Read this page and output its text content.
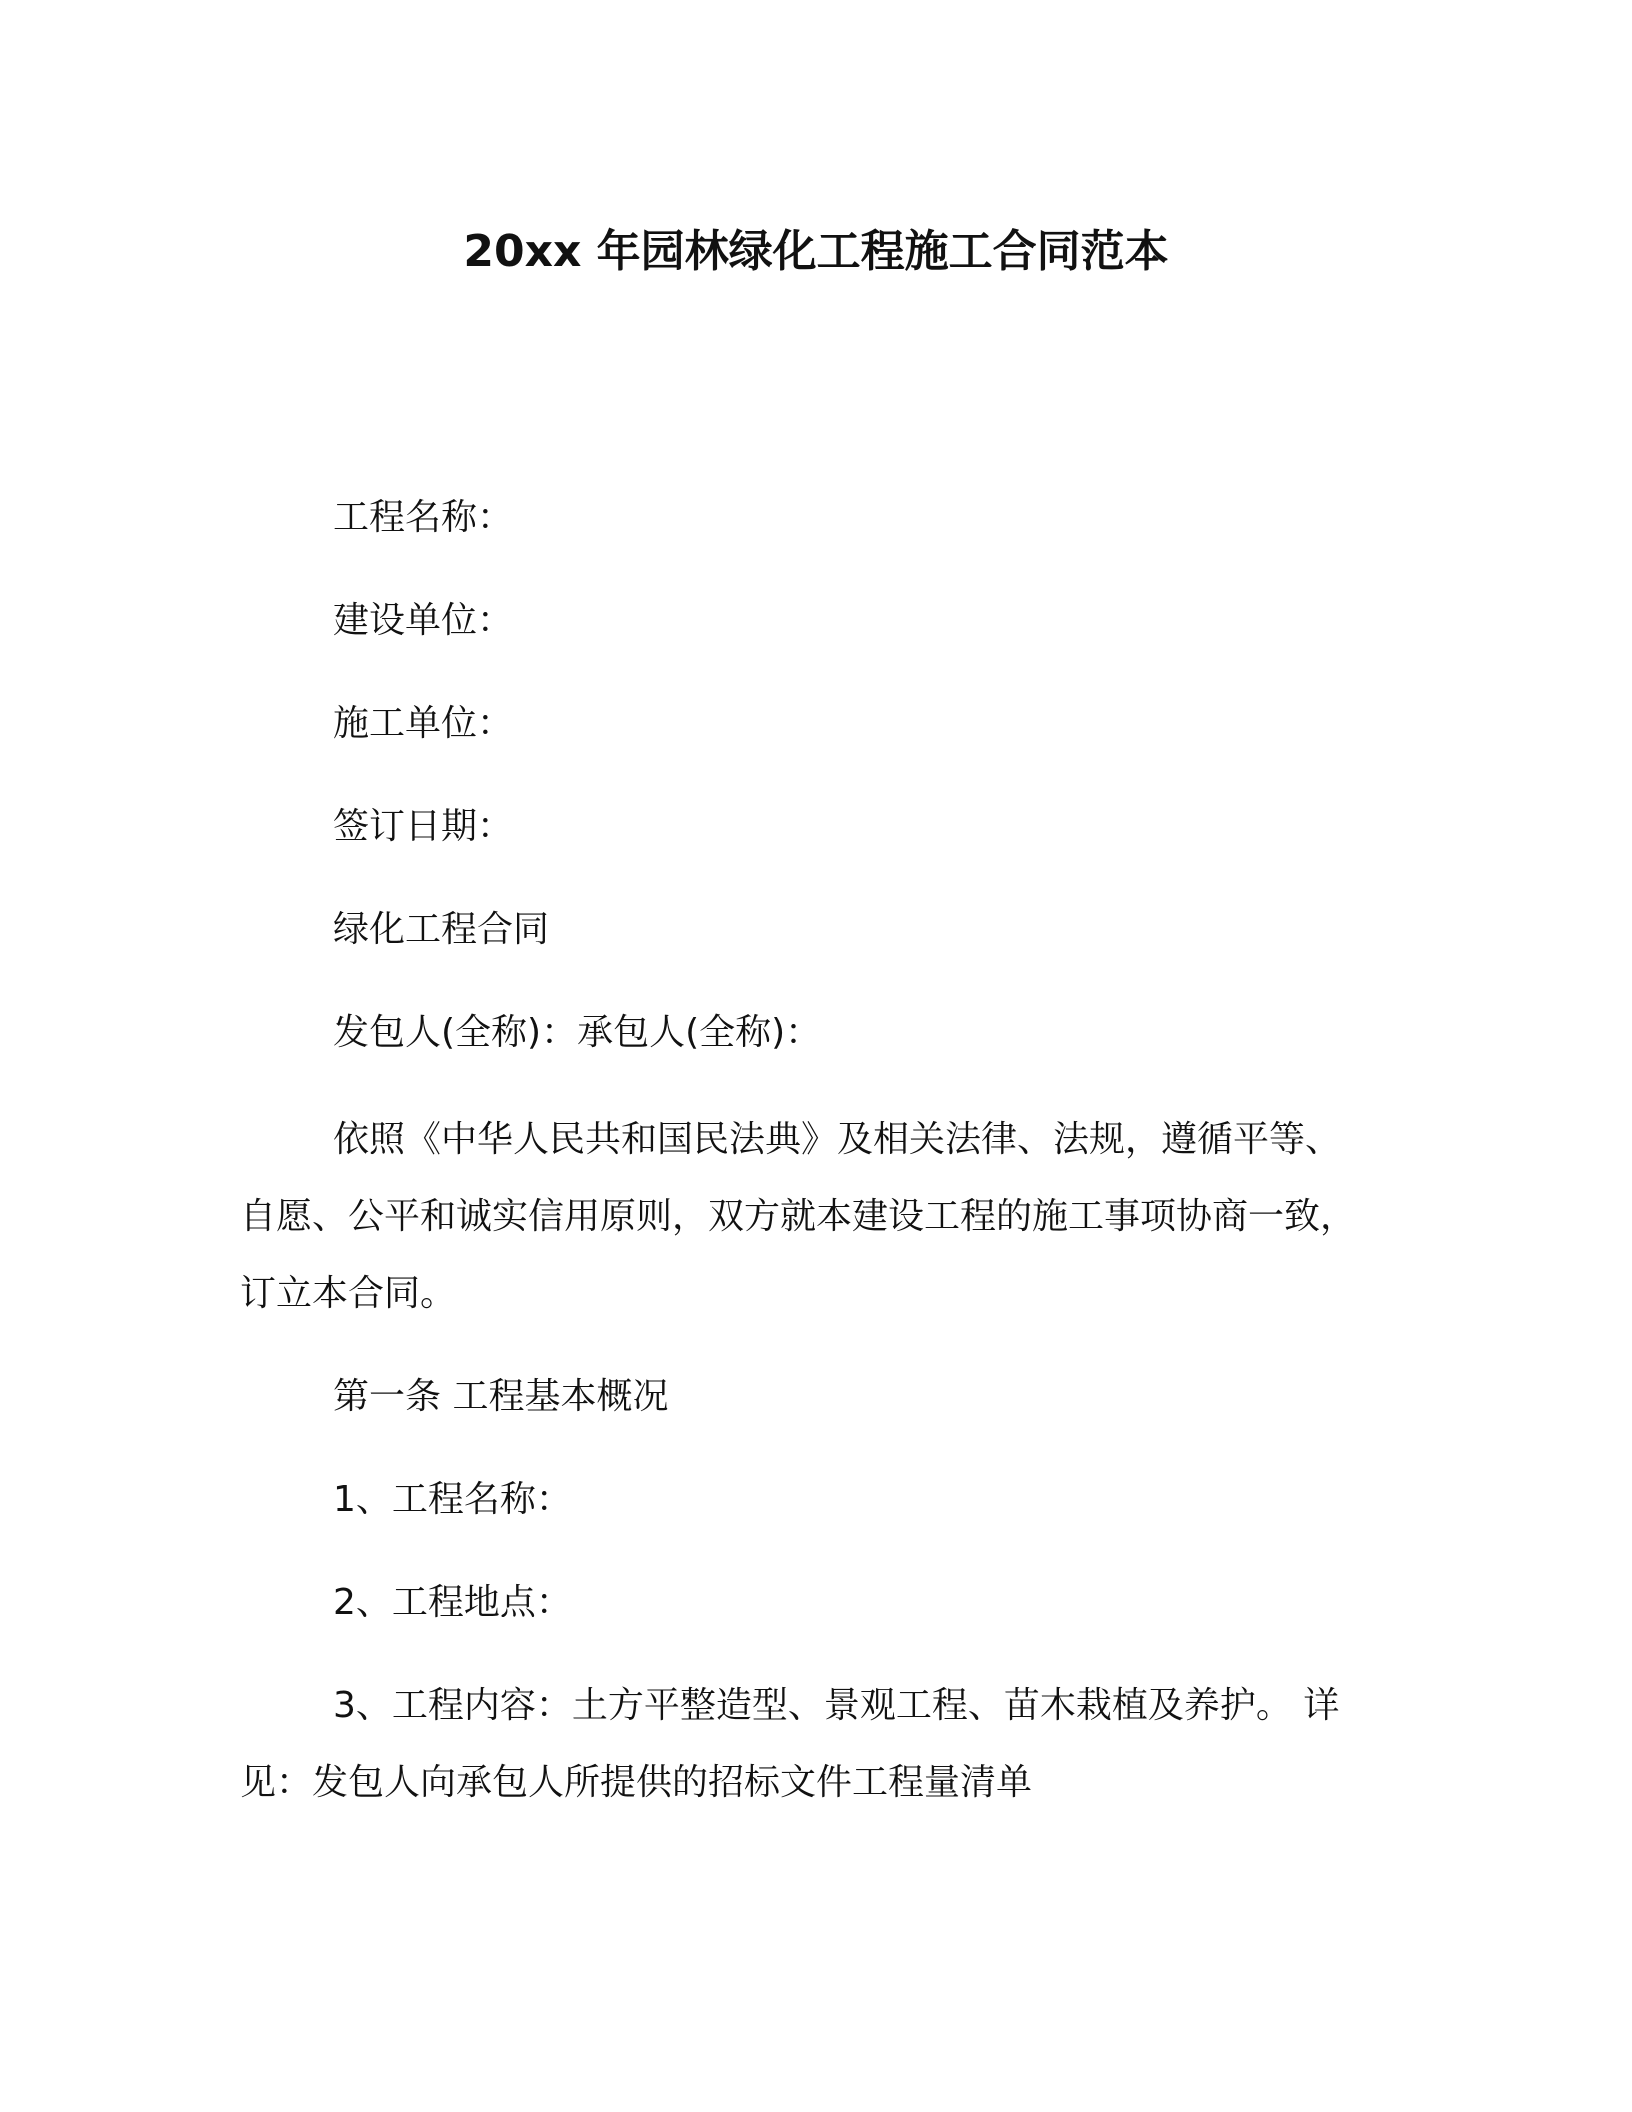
20xx 年园林绿化工程施工合同范本
工程名称：
建设单位：
施工单位：
签订日期：
绿化工程合同
发包人(全称)：承包人(全称)：
依照《中华人民共和国民法典》及相关法律、法规，遵循平等、
自愿、公平和诚实信用原则，双方就本建设工程的施工事项协商一致，
订立本合同。
第一条 工程基本概况
1、工程名称：
2、工程地点：
3、工程内容：土方平整造型、景观工程、苗木栽植及养护。 详
见：发包人向承包人所提供的招标文件工程量清单
